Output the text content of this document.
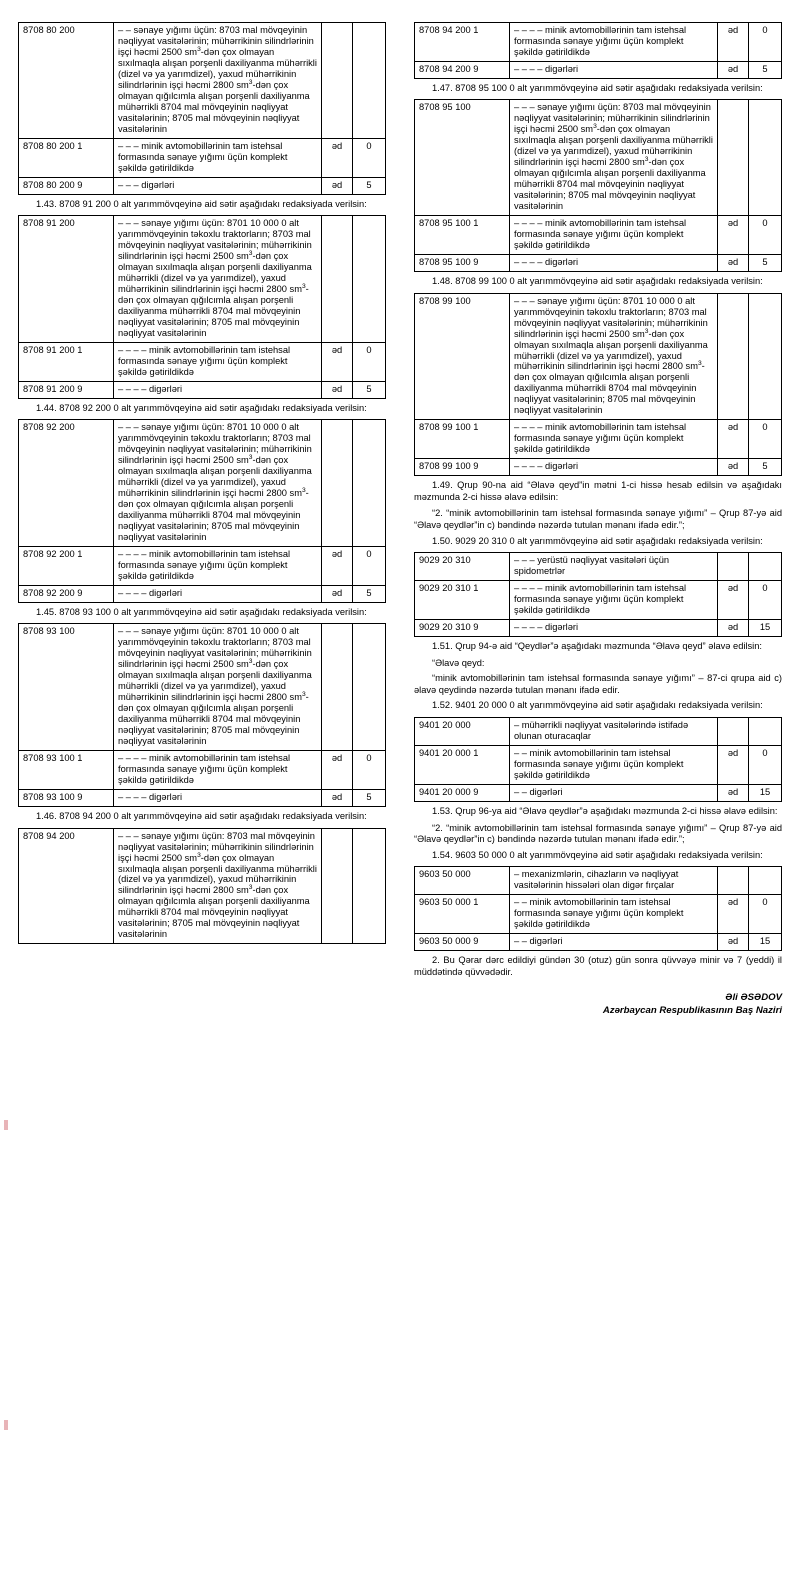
8708 80 200	– – sənaye yığımı üçün: 8703 mal mövqeyinin nəqliyyat vasitələrinin; mühərrikinin silindrlərinin işçi həcmi 2500 $sm^3$-dən çox olmayan sıxılmaqla alışan porşenli daxiliyanma mühərrikli (dizel və ya yarımdizel), yaxud mühərrikinin silindrlərinin işçi həcmi 2800 $sm^3$-dən çox olmayan qığılcımla alışan porşenli daxiliyanma mühərrikli 8704 mal mövqeyinin nəqliyyat vasitələrinin; 8705 mal mövqeyinin nəqliyyat vasitələrinin		
8708 80 200 1	– – – minik avtomobillərinin tam istehsal formasında sənaye yığımı üçün komplekt şəkildə gətirildikdə	əd	0
8708 80 200 9	– – – digərləri	əd	5

1.43. 8708 91 200 0 alt yarımmövqeyinə aid sətir aşağıdakı redaksiyada verilsin:

8708 91 200	– – – sənaye yığımı üçün: 8701 10 000 0 alt yarımmövqeyinin təkoxlu traktorların; 8703 mal mövqeyinin nəqliyyat vasitələrinin; mühərrikinin silindrlərinin işçi həcmi 2500 $sm^3$-dən çox olmayan sıxılmaqla alışan porşenli daxiliyanma mühərrikli (dizel və ya yarımdizel), yaxud mühərrikinin silindrlərinin işçi həcmi 2800 $sm^3$-dən çox olmayan qığılcımla alışan porşenli daxiliyanma mühərrikli 8704 mal mövqeyinin nəqliyyat vasitələrinin; 8705 mal mövqeyinin nəqliyyat vasitələrinin		
8708 91 200 1	– – – – minik avtomobillərinin tam istehsal formasında sənaye yığımı üçün komplekt şəkildə gətirildikdə	əd	0
8708 91 200 9	– – – – digərləri	əd	5

1.44. 8708 92 200 0 alt yarımmövqeyinə aid sətir aşağıdakı redaksiyada verilsin:

8708 92 200	– – – sənaye yığımı üçün: 8701 10 000 0 alt yarımmövqeyinin təkoxlu traktorların; 8703 mal mövqeyinin nəqliyyat vasitələrinin; mühərrikinin silindrlərinin işçi həcmi 2500 $sm^3$-dən çox olmayan sıxılmaqla alışan porşenli daxiliyanma mühərrikli (dizel və ya yarımdizel), yaxud mühərrikinin silindrlərinin işçi həcmi 2800 $sm^3$-dən çox olmayan qığılcımla alışan porşenli daxiliyanma mühərrikli 8704 mal mövqeyinin nəqliyyat vasitələrinin; 8705 mal mövqeyinin nəqliyyat vasitələrinin		
8708 92 200 1	– – – – minik avtomobillərinin tam istehsal formasında sənaye yığımı üçün komplekt şəkildə gətirildikdə	əd	0
8708 92 200 9	– – – – digərləri	əd	5

1.45. 8708 93 100 0 alt yarımmövqeyinə aid sətir aşağıdakı redaksiyada verilsin:

8708 93 100	– – – sənaye yığımı üçün: 8701 10 000 0 alt yarımmövqeyinin təkoxlu traktorların; 8703 mal mövqeyinin nəqliyyat vasitələrinin; mühərrikinin silindrlərinin işçi həcmi 2500 $sm^3$-dən çox olmayan sıxılmaqla alışan porşenli daxiliyanma mühərrikli (dizel və ya yarımdizel), yaxud mühərrikinin silindrlərinin işçi həcmi 2800 $sm^3$-dən çox olmayan qığılcımla alışan porşenli daxiliyanma mühərrikli 8704 mal mövqeyinin nəqliyyat vasitələrinin; 8705 mal mövqeyinin nəqliyyat vasitələrinin		
8708 93 100 1	– – – – minik avtomobillərinin tam istehsal formasında sənaye yığımı üçün komplekt şəkildə gətirildikdə	əd	0
8708 93 100 9	– – – – digərləri	əd	5

1.46. 8708 94 200 0 alt yarımmövqeyinə aid sətir aşağıdakı redaksiyada verilsin:

8708 94 200	– – – sənaye yığımı üçün: 8703 mal mövqeyinin nəqliyyat vasitələrinin; mühərrikinin silindrlərinin işçi həcmi 2500 $sm^3$-dən çox olmayan sıxılmaqla alışan porşenli daxiliyanma mühərrikli (dizel və ya yarımdizel), yaxud mühərrikinin silindrlərinin işçi həcmi 2800 $sm^3$-dən çox olmayan qığılcımla alışan porşenli daxiliyanma mühərrikli 8704 mal mövqeyinin nəqliyyat vasitələrinin; 8705 mal mövqeyinin nəqliyyat vasitələrinin		
8708 94 200 1	– – – – minik avtomobillərinin tam istehsal formasında sənaye yığımı üçün komplekt şəkildə gətirildikdə	əd	0
8708 94 200 9	– – – – digərləri	əd	5

1.47. 8708 95 100 0 alt yarımmövqeyinə aid sətir aşağıdakı redaksiyada verilsin:

8708 95 100	– – – sənaye yığımı üçün: 8703 mal mövqeyinin nəqliyyat vasitələrinin; mühərrikinin silindrlərinin işçi həcmi 2500 $sm^3$-dən çox olmayan sıxılmaqla alışan porşenli daxiliyanma mühərrikli (dizel və ya yarımdizel), yaxud mühərrikinin silindrlərinin işçi həcmi 2800 $sm^3$-dən çox olmayan qığılcımla alışan porşenli daxiliyanma mühərrikli 8704 mal mövqeyinin nəqliyyat vasitələrinin; 8705 mal mövqeyinin nəqliyyat vasitələrinin		
8708 95 100 1	– – – – minik avtomobillərinin tam istehsal formasında sənaye yığımı üçün komplekt şəkildə gətirildikdə	əd	0
8708 95 100 9	– – – – digərləri	əd	5

1.48. 8708 99 100 0 alt yarımmövqeyinə aid sətir aşağıdakı redaksiyada verilsin:

8708 99 100	– – – sənaye yığımı üçün: 8701 10 000 0 alt yarımmövqeyinin təkoxlu traktorların; 8703 mal mövqeyinin nəqliyyat vasitələrinin; mühərrikinin silindrlərinin işçi həcmi 2500 $sm^3$-dən çox olmayan sıxılmaqla alışan porşenli daxiliyanma mühərrikli (dizel və ya yarımdizel), yaxud mühərrikinin silindrlərinin işçi həcmi 2800 $sm^3$-dən çox olmayan qığılcımla alışan porşenli daxiliyanma mühərrikli 8704 mal mövqeyinin nəqliyyat vasitələrinin; 8705 mal mövqeyinin nəqliyyat vasitələrinin		
8708 99 100 1	– – – – minik avtomobillərinin tam istehsal formasında sənaye yığımı üçün komplekt şəkildə gətirildikdə	əd	0
8708 99 100 9	– – – – digərləri	əd	5

1.49. Qrup 90-na aid “Əlavə qeyd”in mətni 1-ci hissə hesab edilsin və aşağıdakı məzmunda 2-ci hissə əlavə edilsin:

“2. “minik avtomobillərinin tam istehsal formasında sənaye yığımı” – Qrup 87-yə aid “Əlavə qeydlər”in c) bəndində nəzərdə tutulan mənanı ifadə edir.”;

1.50. 9029 20 310 0 alt yarımmövqeyinə aid sətir aşağıdakı redaksiyada verilsin:

9029 20 310	– – – yerüstü nəqliyyat vasitələri üçün spidometrlər		
9029 20 310 1	– – – – minik avtomobillərinin tam istehsal formasında sənaye yığımı üçün komplekt şəkildə gətirildikdə	əd	0
9029 20 310 9	– – – – digərləri	əd	15

1.51. Qrup 94-ə aid “Qeydlər”ə aşağıdakı məzmunda “Əlavə qeyd” əlavə edilsin:

“Əlavə qeyd:

“minik avtomobillərinin tam istehsal formasında sənaye yığımı” – 87-ci qrupa aid c) əlavə qeydində nəzərdə tutulan mənanı ifadə edir.

1.52. 9401 20 000 0 alt yarımmövqeyinə aid sətir aşağıdakı redaksiyada verilsin:

9401 20 000	– mühərrikli nəqliyyat vasitələrində istifadə olunan oturacaqlar		
9401 20 000 1	– – minik avtomobillərinin tam istehsal formasında sənaye yığımı üçün komplekt şəkildə gətirildikdə	əd	0
9401 20 000 9	– – digərləri	əd	15

1.53. Qrup 96-ya aid “Əlavə qeydlər”ə aşağıdakı məzmunda 2-ci hissə əlavə edilsin:

“2. “minik avtomobillərinin tam istehsal formasında sənaye yığımı” – Qrup 87-yə aid “Əlavə qeydlər”in c) bəndində nəzərdə tutulan mənanı ifadə edir.”;

1.54. 9603 50 000 0 alt yarımmövqeyinə aid sətir aşağıdakı redaksiyada verilsin:

9603 50 000	– mexanizmlərin, cihazların və nəqliyyat vasitələrinin hissələri olan digər fırçalar		
9603 50 000 1	– – minik avtomobillərinin tam istehsal formasında sənaye yığımı üçün komplekt şəkildə gətirildikdə	əd	0
9603 50 000 9	– – digərləri	əd	15

2. Bu Qərar dərc edildiyi gündən 30 (otuz) gün sonra qüvvəyə minir və 7 (yeddi) il müddətində qüvvədədir.

Əli ƏSƏDOV
Azərbaycan Respublikasının Baş Naziri
